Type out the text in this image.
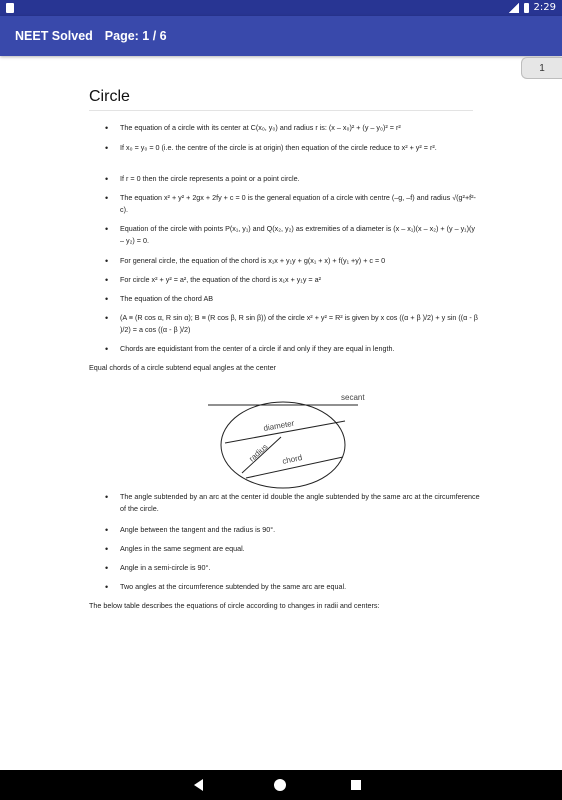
2:29
NEET Solved Page: 1 / 6
Circle
• The equation of a circle with its center at C(x₀, y₀) and radius r is: (x – x₀)² + (y – y₀)² = r²
• If x₀ = y₀ = 0 (i.e. the centre of the circle is at origin) then equation of the circle reduce to x² + y² = r².
• If r = 0 then the circle represents a point or a point circle.
• The equation x² + y² + 2gx + 2fy + c = 0 is the general equation of a circle with centre (–g, –f) and radius √(g²+f²-c).
• Equation of the circle with points P(x₁, y₁) and Q(x₂, y₂) as extremities of a diameter is (x – x₁)(x – x₂) + (y – y₁)(y – y₂) = 0.
• For general circle, the equation of the chord is x₁x + y₁y + g(x₁ + x) + f(y₁ +y) + c = 0
• For circle x² + y² = a², the equation of the chord is x₁x + y₁y = a²
• The equation of the chord AB
• (A ≡ (R cos α, R sin α); B ≡ (R cos β, R sin β)) of the circle x² + y² = R² is given by x cos ((α + β )/2) + y sin ((α - β )/2) = a cos ((α - β )/2)
• Chords are equidistant from the center of a circle if and only if they are equal in length.
Equal chords of a circle subtend equal angles at the center
secant
diameter
radius chord
• The angle subtended by an arc at the center id double the angle subtended by the same arc at the circumference of the circle.
• Angle between the tangent and the radius is 90°.
• Angles in the same segment are equal.
• Angle in a semi-circle is 90°.
• Two angles at the circumference subtended by the same arc are equal.
The below table describes the equations of circle according to changes in radii and centers:
1
